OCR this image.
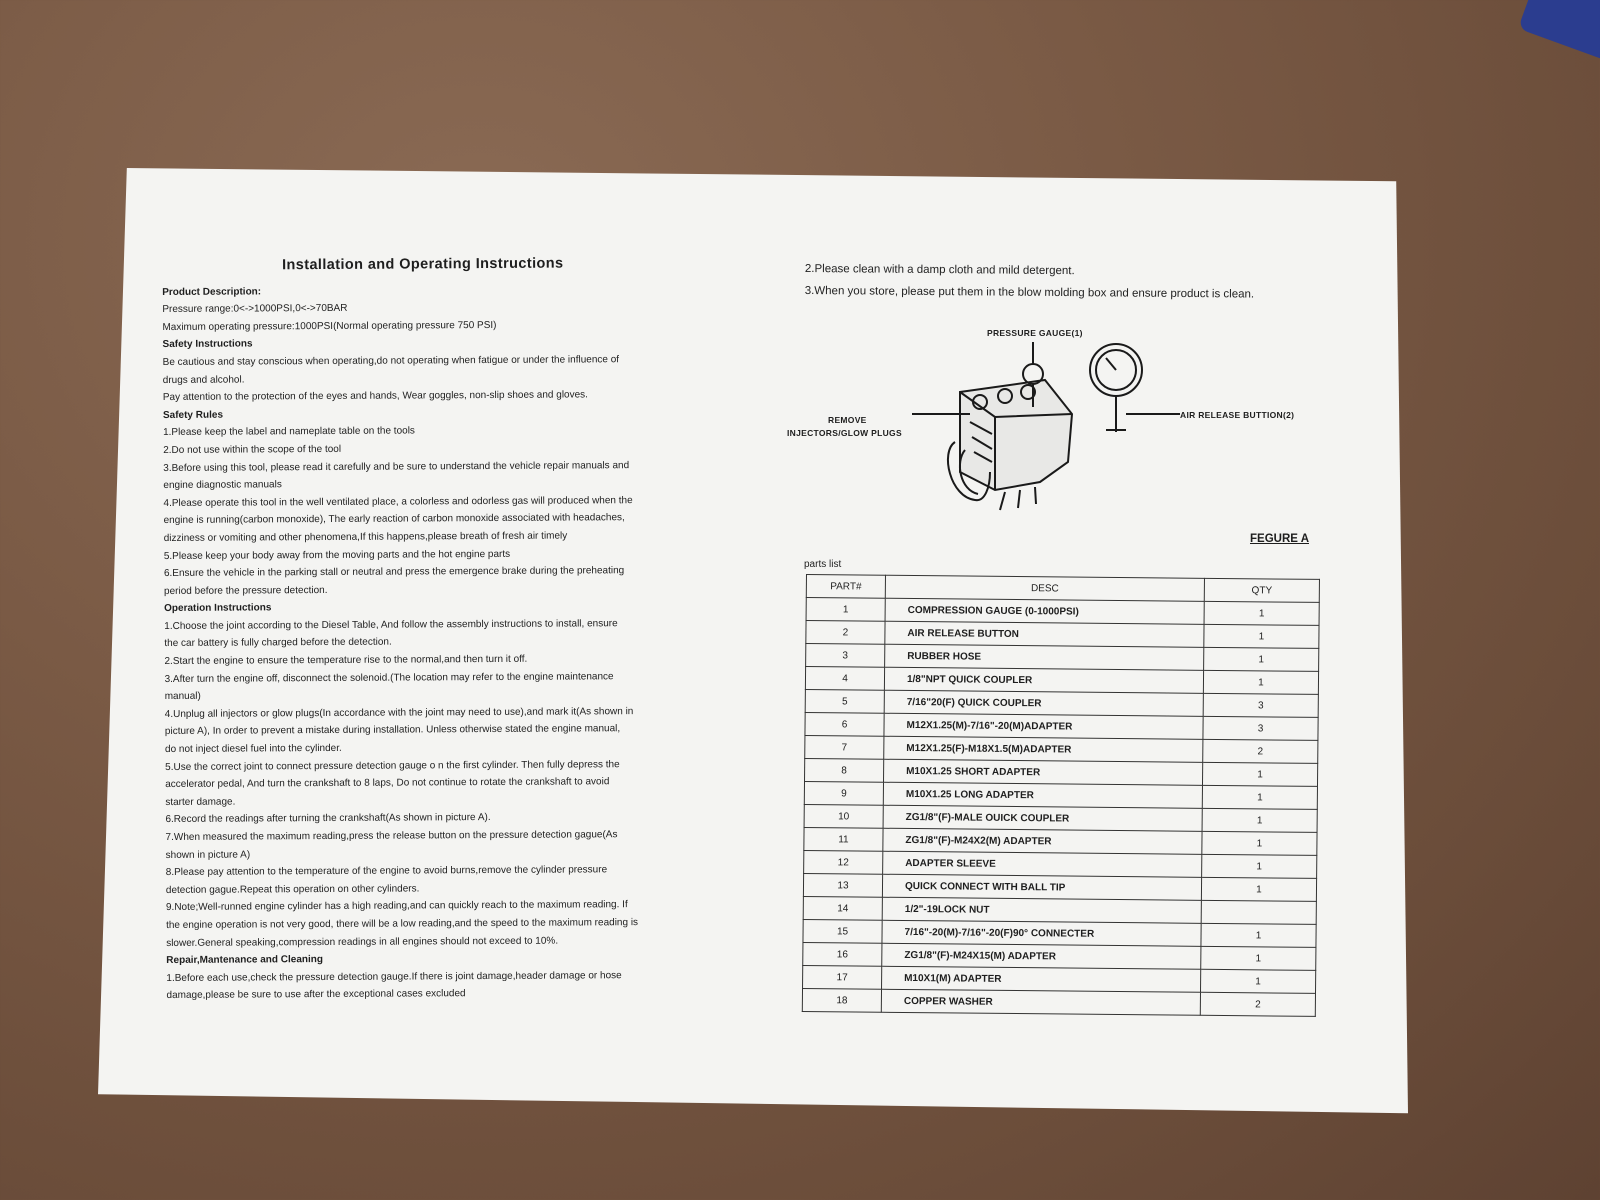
Installation and Operating Instructions
Product Description:
Pressure range:0<->1000PSI,0<->70BAR
Maximum operating pressure:1000PSI(Normal operating pressure 750 PSI)
Safety Instructions
Be cautious and stay conscious when operating,do not operating when fatigue or under the influence of
drugs and alcohol.
Pay attention to the protection of the eyes and hands, Wear goggles, non-slip shoes and gloves.
Safety Rules
1.Please keep the label and nameplate table on the tools
2.Do not use within the scope of the tool
3.Before using this tool, please read it carefully and be sure to understand the vehicle repair manuals and
engine diagnostic manuals
4.Please operate this tool in the well ventilated place, a colorless and odorless gas will produced when the
engine is running(carbon monoxide), The early reaction of carbon monoxide associated with headaches,
dizziness or vomiting and other phenomena,If this happens,please breath of fresh air timely
5.Please keep your body away from the moving parts and the hot engine parts
6.Ensure the vehicle in the parking stall or neutral and press the emergence brake during the preheating
period before the pressure detection.
Operation Instructions
1.Choose the joint according to the Diesel Table, And follow the assembly instructions to install, ensure
the car battery is fully charged before the detection.
2.Start the engine to ensure the temperature rise to the normal,and then turn it off.
3.After turn the engine off, disconnect the solenoid.(The location may refer to the engine maintenance
manual)
4.Unplug all injectors or glow plugs(In accordance with the joint may need to use),and mark it(As shown in
picture A), In order to prevent a mistake during installation. Unless otherwise stated the engine manual,
do not inject diesel fuel into the cylinder.
5.Use the correct joint to connect pressure detection gauge o n the first cylinder. Then fully depress the
accelerator pedal, And turn the crankshaft to 8 laps, Do not continue to rotate the crankshaft to avoid
starter damage.
6.Record the readings after turning the crankshaft(As shown in picture A).
7.When measured the maximum reading,press the release button on the pressure detection gague(As
shown in picture A)
8.Please pay attention to the temperature of the engine to avoid burns,remove the cylinder pressure
detection gague.Repeat this operation on other cylinders.
9.Note;Well-runned engine cylinder has a high reading,and can quickly reach to the maximum reading. If
the engine operation is not very good, there will be a low reading,and the speed to the maximum reading is
slower.General speaking,compression readings in all engines should not exceed to 10%.
Repair,Mantenance and Cleaning
1.Before each use,check the pressure detection gauge.If there is joint damage,header damage or hose
damage,please be sure to use after the exceptional cases excluded
2.Please clean with a damp cloth and mild detergent.
3.When you store, please put them in the blow molding box and ensure product is clean.
PRESSURE GAUGE(1)
REMOVE
INJECTORS/GLOW PLUGS
AIR RELEASE BUTTION(2)
FEGURE A
parts list
PART#	DESC	QTY
1	COMPRESSION GAUGE (0-1000PSI)	1
2	AIR RELEASE BUTTON	1
3	RUBBER HOSE	1
4	1/8"NPT QUICK COUPLER	1
5	7/16"20(F) QUICK COUPLER	3
6	M12X1.25(M)-7/16"-20(M)ADAPTER	3
7	M12X1.25(F)-M18X1.5(M)ADAPTER	2
8	M10X1.25 SHORT ADAPTER	1
9	M10X1.25 LONG ADAPTER	1
10	ZG1/8"(F)-MALE OUICK COUPLER	1
11	ZG1/8"(F)-M24X2(M) ADAPTER	1
12	ADAPTER SLEEVE	1
13	QUICK CONNECT WITH BALL TIP	1
14	1/2"-19LOCK NUT	
15	7/16"-20(M)-7/16"-20(F)90° CONNECTER	1
16	ZG1/8"(F)-M24X15(M) ADAPTER	1
17	M10X1(M) ADAPTER	1
18	COPPER WASHER	2
